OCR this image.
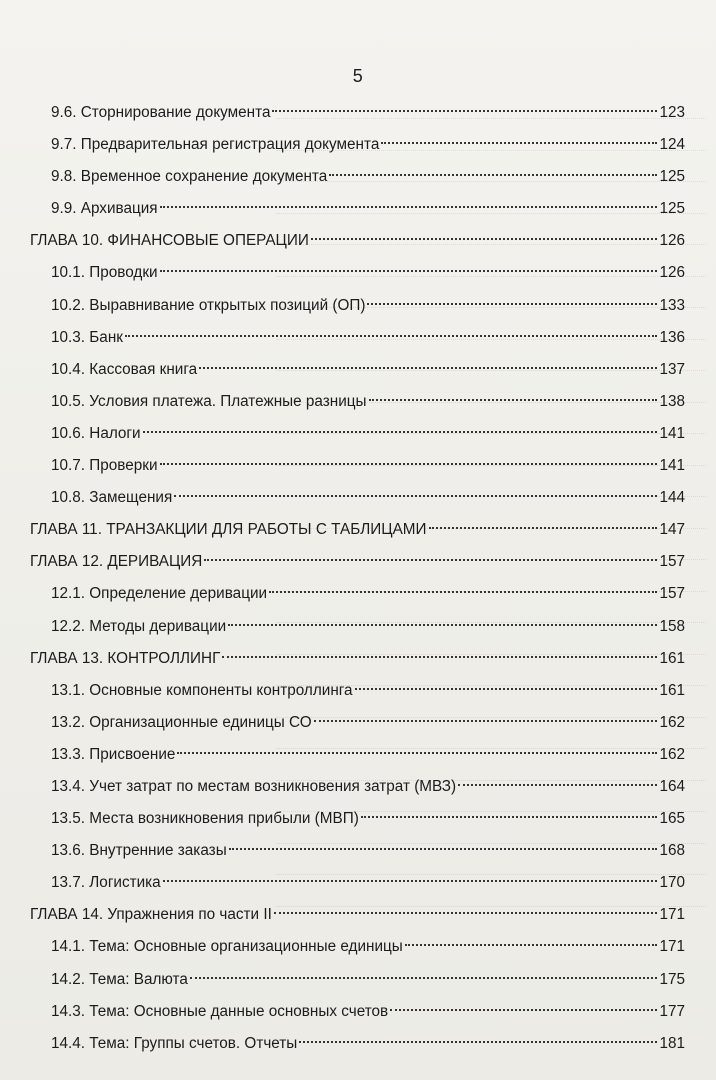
5
9.6. Сторнирование документа	123
9.7. Предварительная регистрация документа	124
9.8. Временное сохранение документа	125
9.9. Архивация	125
ГЛАВА 10. ФИНАНСОВЫЕ ОПЕРАЦИИ	126
10.1. Проводки	126
10.2. Выравнивание открытых позиций (ОП)	133
10.3. Банк	136
10.4. Кассовая книга	137
10.5. Условия платежа. Платежные разницы	138
10.6. Налоги	141
10.7. Проверки	141
10.8. Замещения	144
ГЛАВА 11. ТРАНЗАКЦИИ ДЛЯ РАБОТЫ С ТАБЛИЦАМИ	147
ГЛАВА 12. ДЕРИВАЦИЯ	157
12.1. Определение деривации	157
12.2. Методы деривации	158
ГЛАВА 13. КОНТРОЛЛИНГ	161
13.1. Основные компоненты контроллинга	161
13.2. Организационные единицы СО	162
13.3. Присвоение	162
13.4. Учет затрат по местам возникновения затрат (МВЗ)	164
13.5. Места возникновения прибыли (МВП)	165
13.6. Внутренние заказы	168
13.7. Логистика	170
ГЛАВА 14. Упражнения по части II	171
14.1. Тема: Основные организационные единицы	171
14.2. Тема: Валюта	175
14.3. Тема: Основные данные основных счетов	177
14.4. Тема: Группы счетов. Отчеты	181
